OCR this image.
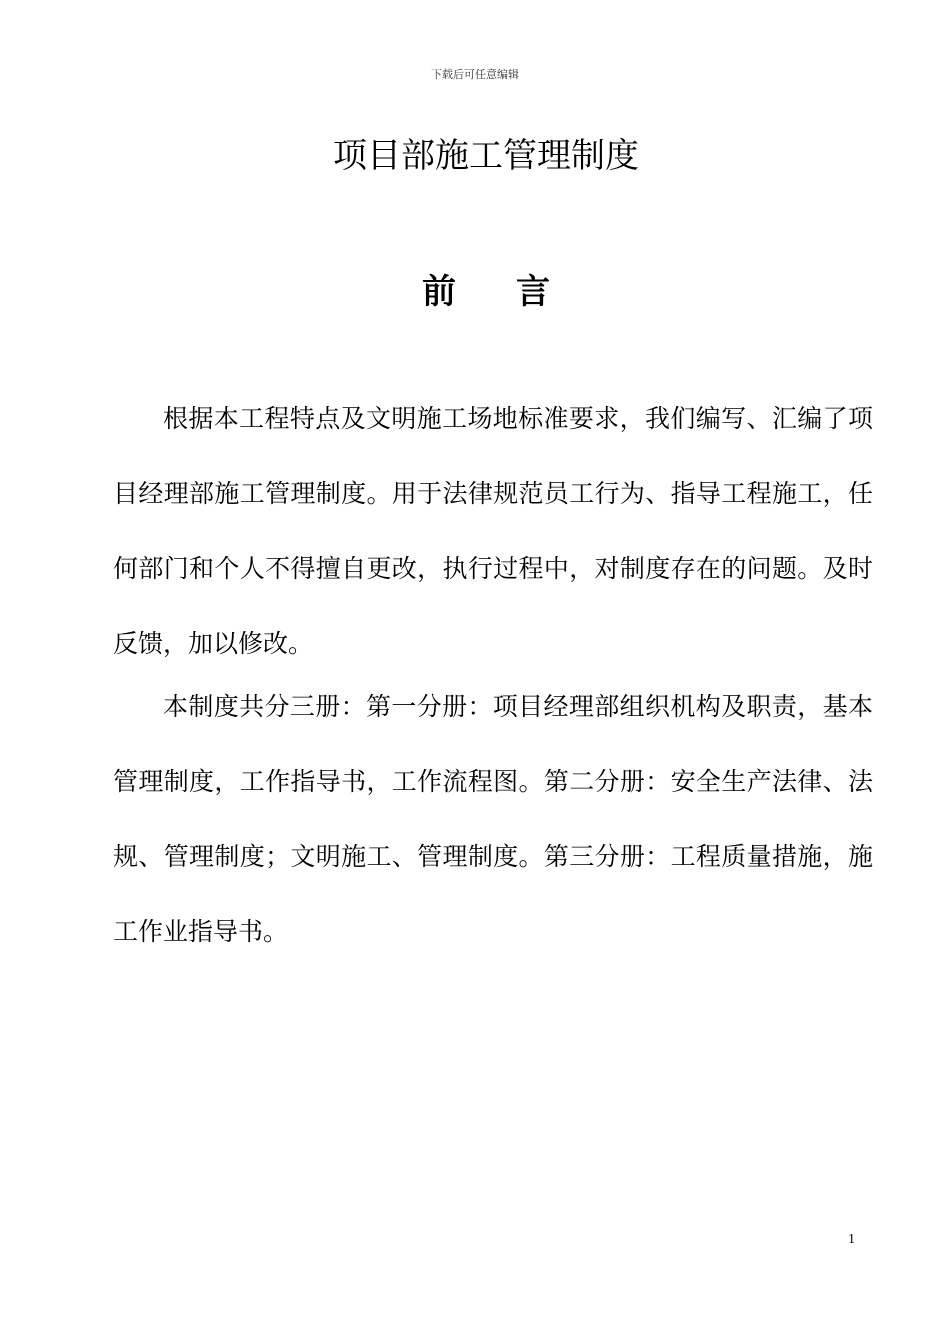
下载后可任意编辑
项目部施工管理制度
前言

根据本工程特点及文明施工场地标准要求，我们编写、汇编了项目经理部施工管理制度。用于法律规范员工行为、指导工程施工，任何部门和个人不得擅自更改，执行过程中，对制度存在的问题。及时反馈，加以修改。

本制度共分三册：第一分册：项目经理部组织机构及职责，基本管理制度，工作指导书，工作流程图。第二分册：安全生产法律、法规、管理制度；文明施工、管理制度。第三分册：工程质量措施，施工作业指导书。

1
